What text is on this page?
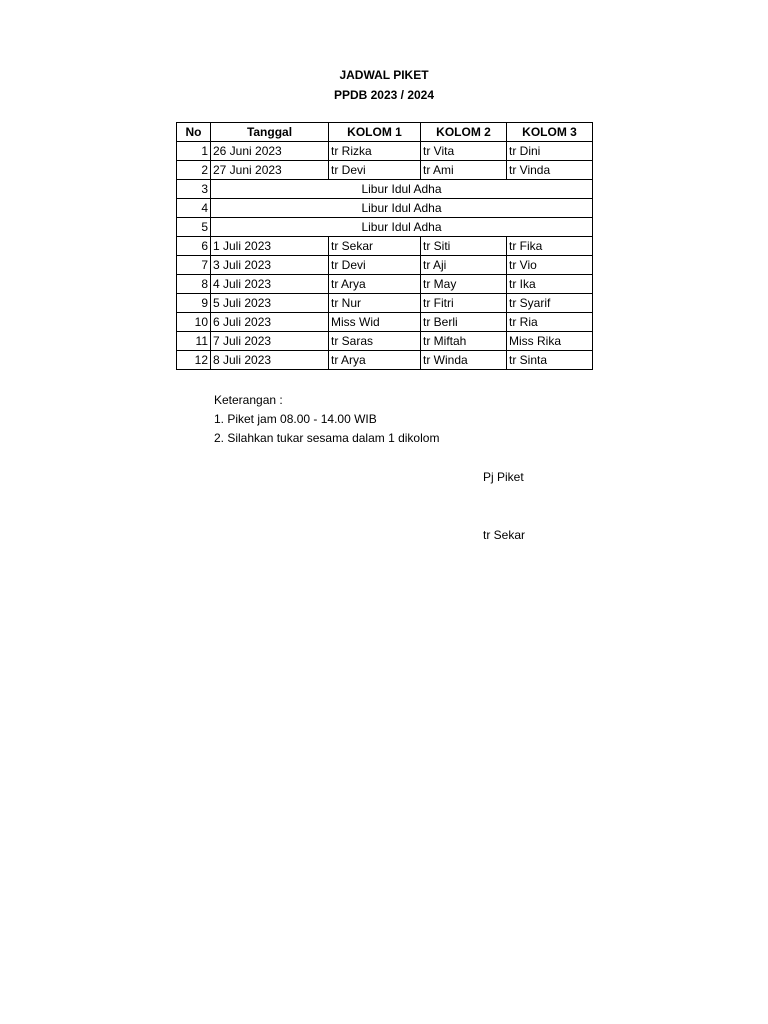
JADWAL PIKET
PPDB 2023 / 2024
No	Tanggal	KOLOM 1	KOLOM 2	KOLOM 3
1	26 Juni 2023	tr Rizka	tr Vita	tr Dini
2	27 Juni 2023	tr Devi	tr Ami	tr Vinda
3	Libur Idul Adha			
4	Libur Idul Adha			
5	Libur Idul Adha			
6	1 Juli 2023	tr Sekar	tr Siti	tr Fika
7	3 Juli 2023	tr Devi	tr Aji	tr Vio
8	4 Juli 2023	tr Arya	tr May	tr Ika
9	5 Juli 2023	tr Nur	tr Fitri	tr Syarif
10	6 Juli 2023	Miss Wid	tr Berli	tr Ria
11	7 Juli 2023	tr Saras	tr Miftah	Miss Rika
12	8 Juli 2023	tr Arya	tr Winda	tr Sinta
Keterangan :
1. Piket jam 08.00 - 14.00 WIB
2. Silahkan tukar sesama dalam 1 dikolom
Pj Piket
tr Sekar
